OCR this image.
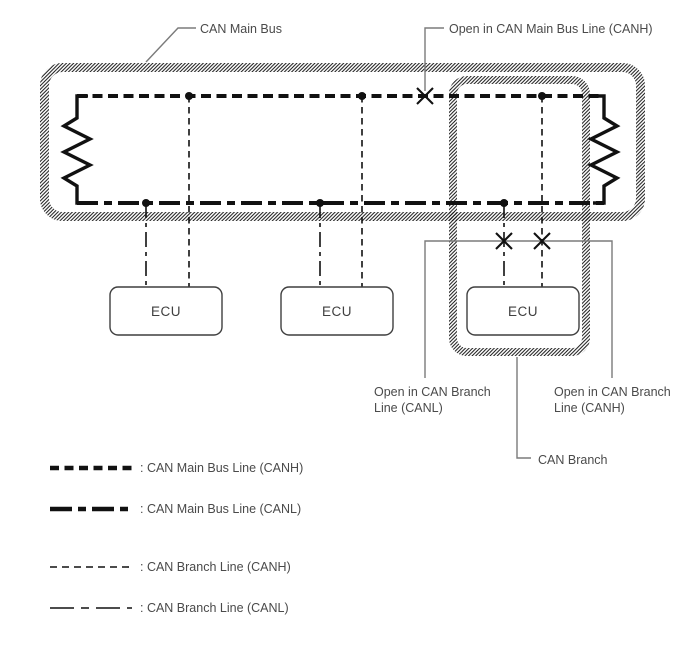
ECU	ECU	ECU
CAN Main Bus	Open in CAN Main Bus Line (CANH)
Open in CAN Branch
Line (CANL)
Open in CAN Branch
Line (CANH)
CAN Branch
: CAN Main Bus Line (CANH)
: CAN Main Bus Line (CANL)
: CAN Branch Line (CANH)
: CAN Branch Line (CANL)
